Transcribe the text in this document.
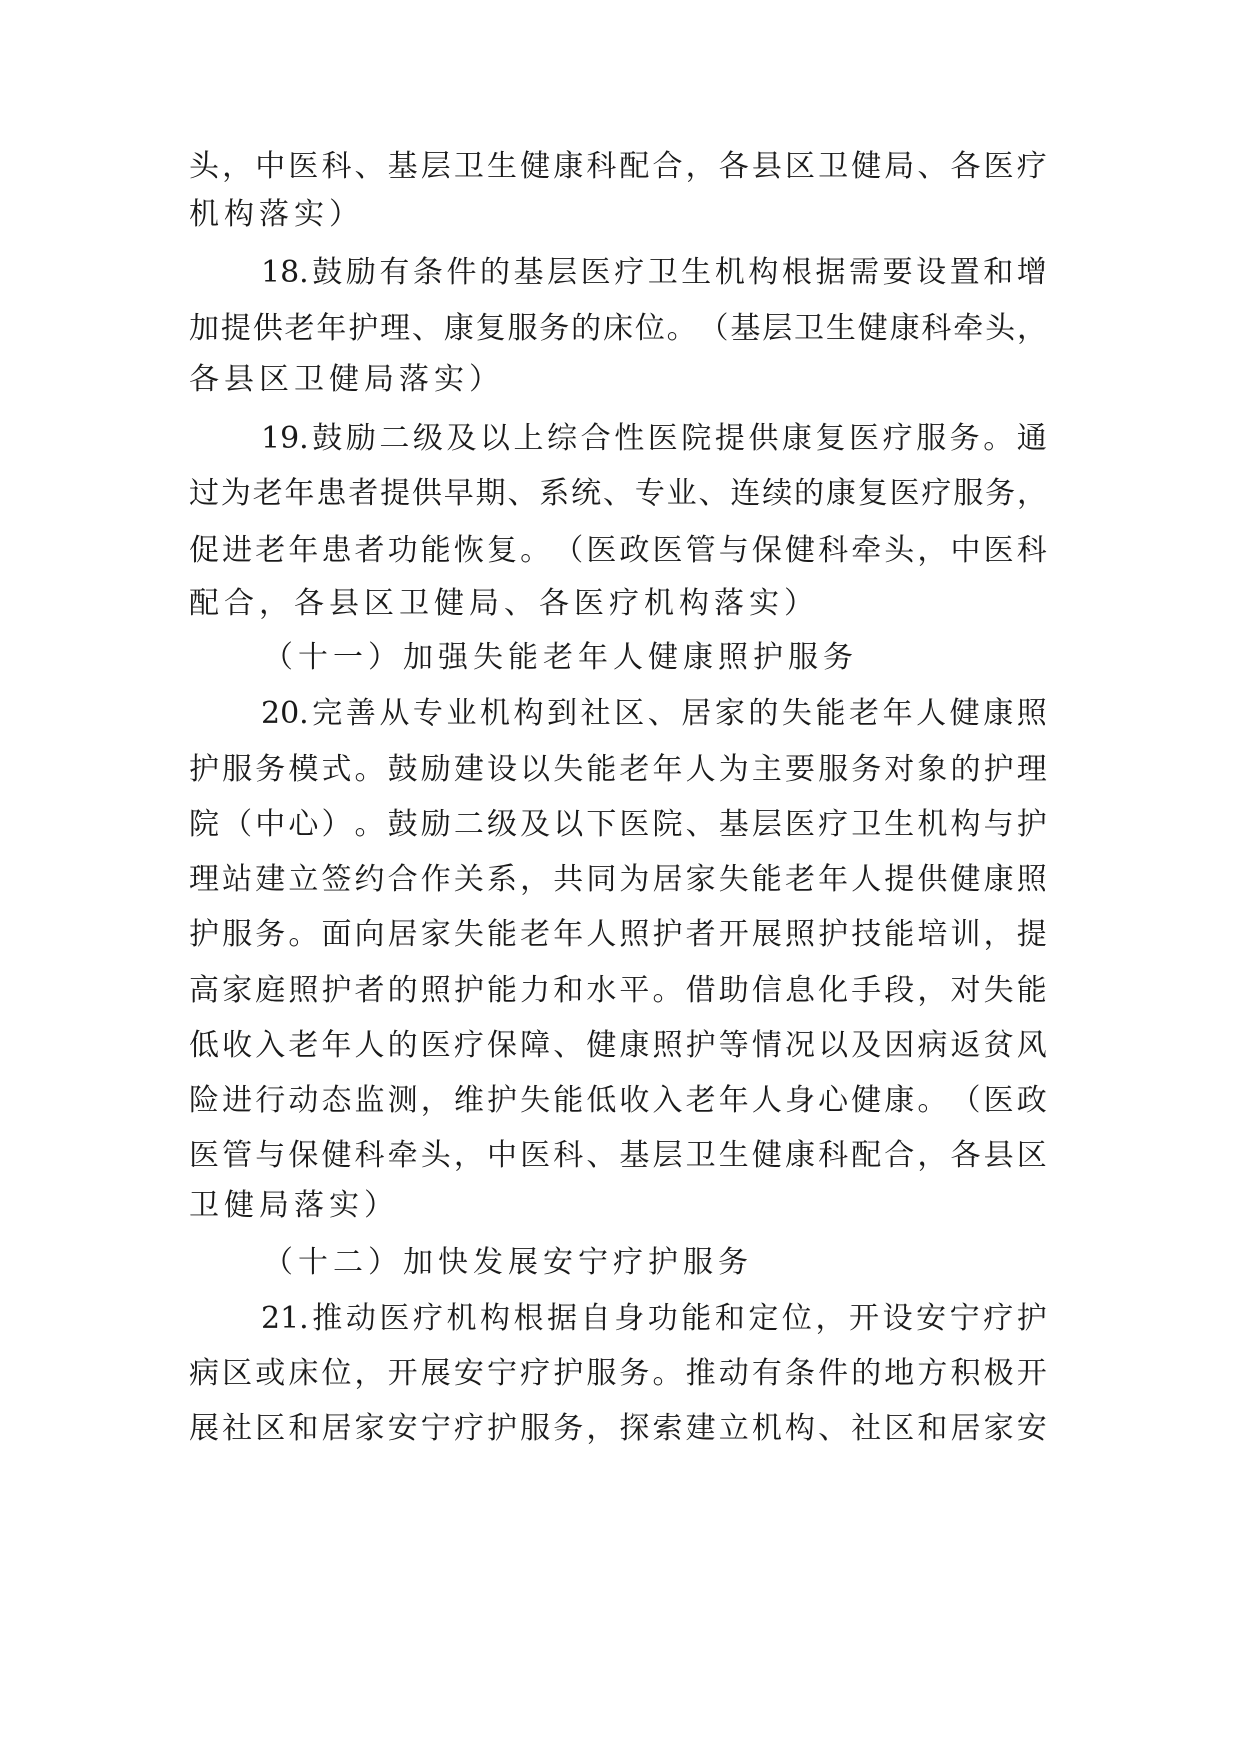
头 ， 中 医 科 、 基 层 卫 生 健 康 科 配 合 ， 各 县 区 卫 健 局 、 各 医 疗
机构落实）
18. 鼓 励 有 条 件 的 基 层 医 疗 卫 生 机 构 根 据 需 要 设 置 和 增
加 提 供 老 年 护 理 、 康 复 服 务 的 床 位 。 （ 基 层 卫 生 健 康 科 牵 头 ，
各县区卫健局落实）
19. 鼓 励 二 级 及 以 上 综 合 性 医 院 提 供 康 复 医 疗 服 务 。 通
过 为 老 年 患 者 提 供 早 期 、 系 统 、 专 业 、 连 续 的 康 复 医 疗 服 务 ，
促 进 老 年 患 者 功 能 恢 复 。 （ 医 政 医 管 与 保 健 科 牵 头 ， 中 医 科
配合，各县区卫健局、各医疗机构落实）
（十一）加强失能老年人健康照护服务
20. 完 善 从 专 业 机 构 到 社 区 、 居 家 的 失 能 老 年 人 健 康 照
护 服 务 模 式 。 鼓 励 建 设 以 失 能 老 年 人 为 主 要 服 务 对 象 的 护 理
院 （ 中 心 ） 。 鼓 励 二 级 及 以 下 医 院 、 基 层 医 疗 卫 生 机 构 与 护
理 站 建 立 签 约 合 作 关 系 ， 共 同 为 居 家 失 能 老 年 人 提 供 健 康 照
护 服 务 。 面 向 居 家 失 能 老 年 人 照 护 者 开 展 照 护 技 能 培 训 ， 提
高 家 庭 照 护 者 的 照 护 能 力 和 水 平 。 借 助 信 息 化 手 段 ， 对 失 能
低 收 入 老 年 人 的 医 疗 保 障 、 健 康 照 护 等 情 况 以 及 因 病 返 贫 风
险 进 行 动 态 监 测 ， 维 护 失 能 低 收 入 老 年 人 身 心 健 康 。 （ 医 政
医 管 与 保 健 科 牵 头 ， 中 医 科 、 基 层 卫 生 健 康 科 配 合 ， 各 县 区
卫健局落实）
（十二）加快发展安宁疗护服务
21. 推 动 医 疗 机 构 根 据 自 身 功 能 和 定 位 ， 开 设 安 宁 疗 护
病 区 或 床 位 ， 开 展 安 宁 疗 护 服 务 。 推 动 有 条 件 的 地 方 积 极 开
展 社 区 和 居 家 安 宁 疗 护 服 务 ， 探 索 建 立 机 构 、 社 区 和 居 家 安
